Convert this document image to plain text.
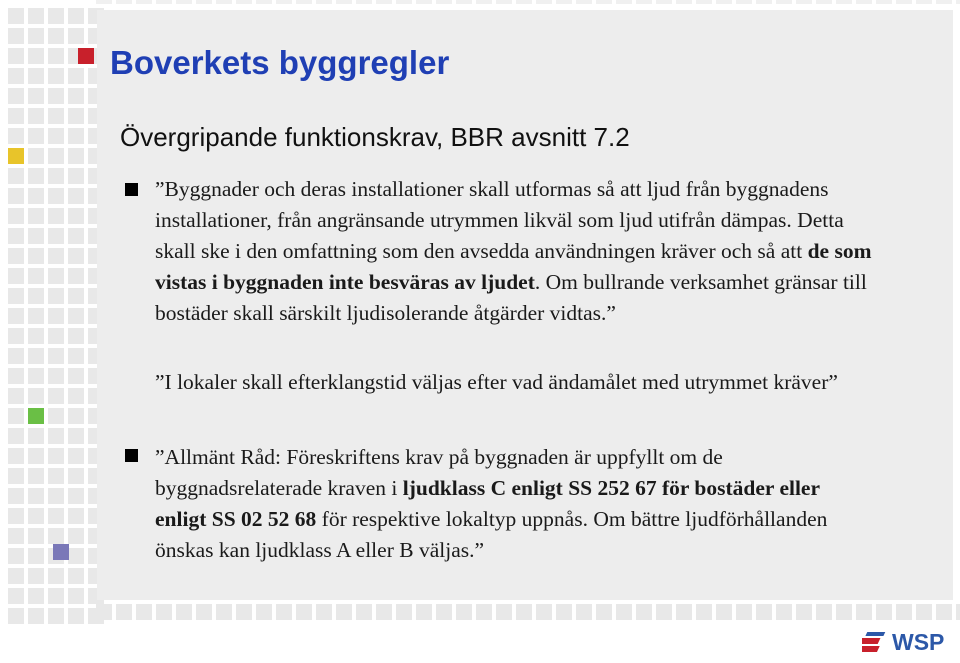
Boverkets byggregler
Övergripande funktionskrav, BBR avsnitt 7.2

”Byggnader och deras installationer skall utformas så att ljud från byggnadens installationer, från angränsande utrymmen likväl som ljud utifrån dämpas. Detta skall ske i den omfattning som den avsedda användningen kräver och så att de som vistas i byggnaden inte besväras av ljudet. Om bullrande verksamhet gränsar till bostäder skall särskilt ljudisolerande åtgärder vidtas.”

”I lokaler skall efterklangstid väljas efter vad ändamålet med utrymmet kräver”

”Allmänt Råd: Föreskriftens krav på byggnaden är uppfyllt om de byggnadsrelaterade kraven i ljudklass C enligt SS 252 67 för bostäder eller enligt SS 02 52 68 för respektive lokaltyp uppnås. Om bättre ljudförhållanden önskas kan ljudklass A eller B väljas.”

WSP
